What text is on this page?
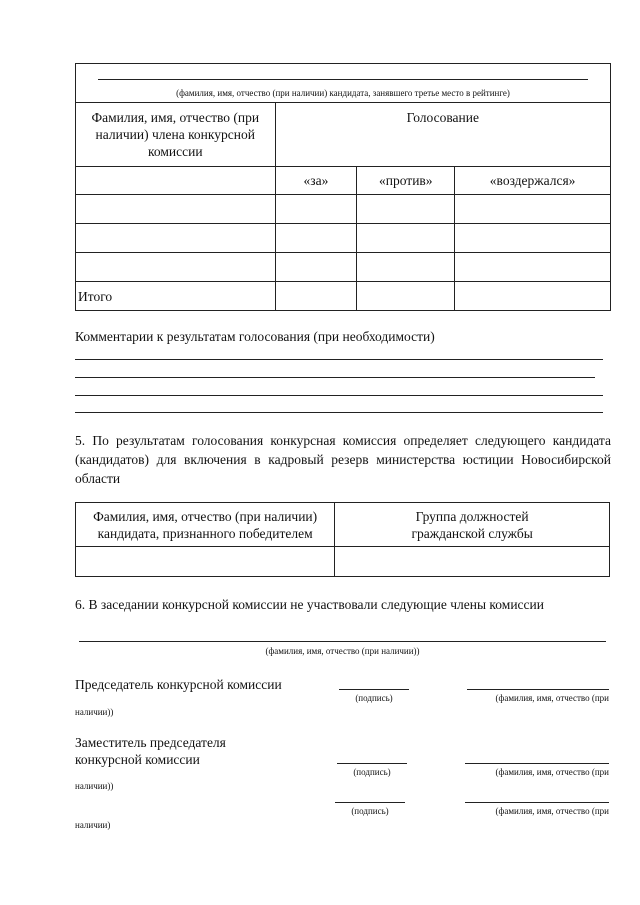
(фамилия, имя, отчество (при наличии) кандидата, занявшего третье место в рейтинге)			

Фамилия, имя, отчество (при наличии) члена конкурсной комиссии	Голосование		
	«за»	«против»	«воздержался»

Итого			
Комментарии к результатам голосования (при необходимости)
5. По результатам голосования конкурсная комиссия определяет следующего кандидата (кандидатов) для включения в кадровый резерв министерства юстиции Новосибирской области
Фамилия, имя, отчество (при наличии) кандидата, признанного победителем	Группа должностей гражданской службы

6. В заседании конкурсной комиссии не участвовали следующие члены комиссии
(фамилия, имя, отчество (при наличии))
Председатель конкурсной комиссии
(подпись)	(фамилия, имя, отчество (при
наличии))
Заместитель председателя
конкурсной комиссии
(подпись)	(фамилия, имя, отчество (при
наличии))
(подпись)	(фамилия, имя, отчество (при
наличии)
